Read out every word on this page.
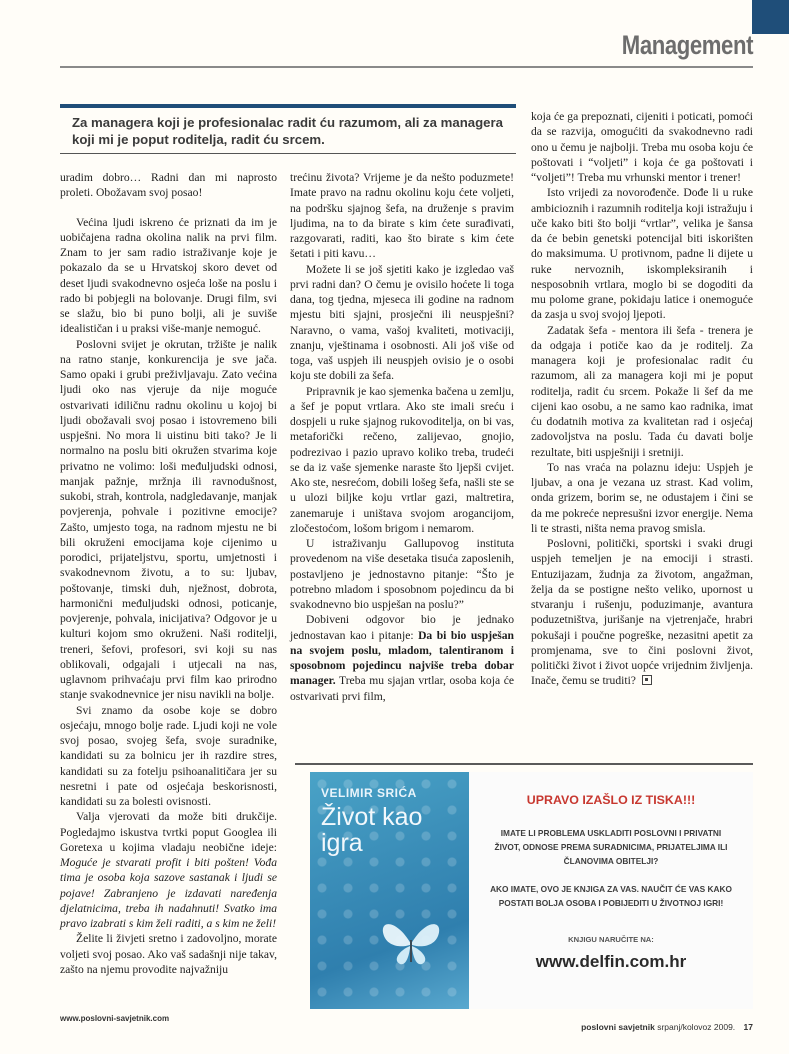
Management
Za managera koji je profesionalac radit ću razumom, ali za managera koji mi je poput roditelja, radit ću srcem.

uradim dobro… Radni dan mi naprosto proleti. Obožavam svoj posao!

Većina ljudi iskreno će priznati da im je uobičajena radna okolina nalik na prvi film. Znam to jer sam radio istraživanje koje je pokazalo da se u Hrvatskoj skoro devet od deset ljudi svakodnevno osjeća loše na poslu i rado bi pobjegli na bolovanje. Drugi film, svi se slažu, bio bi puno bolji, ali je suviše idealističan i u praksi više-manje nemoguć.

Poslovni svijet je okrutan, tržište je nalik na ratno stanje, konkurencija je sve jača. Samo opaki i grubi preživljavaju. Zato većina ljudi oko nas vjeruje da nije moguće ostvarivati idiličnu radnu okolinu u kojoj bi ljudi obožavali svoj posao i istovremeno bili uspješni. No mora li uistinu biti tako? Je li normalno na poslu biti okružen stvarima koje privatno ne volimo: loši međuljudski odnosi, manjak pažnje, mržnja ili ravnodušnost, sukobi, strah, kontrola, nadgledavanje, manjak povjerenja, pohvale i pozitivne emocije? Zašto, umjesto toga, na radnom mjestu ne bi bili okruženi emocijama koje cijenimo u porodici, prijateljstvu, sportu, umjetnosti i svakodnevnom životu, a to su: ljubav, poštovanje, timski duh, nježnost, dobrota, harmonični međuljudski odnosi, poticanje, povjerenje, pohvala, inicijativa? Odgovor je u kulturi kojom smo okruženi. Naši roditelji, treneri, šefovi, profesori, svi koji su nas oblikovali, odgajali i utjecali na nas, uglavnom prihvaćaju prvi film kao prirodno stanje svakodnevnice jer nisu navikli na bolje.

Svi znamo da osobe koje se dobro osjećaju, mnogo bolje rade. Ljudi koji ne vole svoj posao, svojeg šefa, svoje suradnike, kandidati su za bolnicu jer ih razdire stres, kandidati su za fotelju psihoanalitičara jer su nesretni i pate od osjećaja beskorisnosti, kandidati su za bolesti ovisnosti.

Valja vjerovati da može biti drukčije. Pogledajmo iskustva tvrtki poput Googlea ili Goretexa u kojima vladaju neobične ideje: Moguće je stvarati profit i biti pošten! Vođa tima je osoba koja sazove sastanak i ljudi se pojave! Zabranjeno je izdavati naređenja djelatnicima, treba ih nadahnuti! Svatko ima pravo izabrati s kim želi raditi, a s kim ne želi!

Želite li živjeti sretno i zadovoljno, morate voljeti svoj posao. Ako vaš sadašnji nije takav, zašto na njemu provodite najvažniju

trećinu života? Vrijeme je da nešto poduzmete! Imate pravo na radnu okolinu koju ćete voljeti, na podršku sjajnog šefa, na druženje s pravim ljudima, na to da birate s kim ćete surađivati, razgovarati, raditi, kao što birate s kim ćete šetati i piti kavu…

Možete li se još sjetiti kako je izgledao vaš prvi radni dan? O čemu je ovisilo hoćete li toga dana, tog tjedna, mjeseca ili godine na radnom mjestu biti sjajni, prosječni ili neuspješni? Naravno, o vama, vašoj kvaliteti, motivaciji, znanju, vještinama i osobnosti. Ali još više od toga, vaš uspjeh ili neuspjeh ovisio je o osobi koju ste dobili za šefa.

Pripravnik je kao sjemenka bačena u zemlju, a šef je poput vrtlara. Ako ste imali sreću i dospjeli u ruke sjajnog rukovoditelja, on bi vas, metaforički rečeno, zalijevao, gnojio, podrezivao i pazio upravo koliko treba, trudeći se da iz vaše sjemenke naraste što ljepši cvijet. Ako ste, nesrećom, dobili lošeg šefa, našli ste se u ulozi biljke koju vrtlar gazi, maltretira, zanemaruje i uništava svojom arogancijom, zločestoćom, lošom brigom i nemarom.

U istraživanju Gallupovog instituta provedenom na više desetaka tisuća zaposlenih, postavljeno je jednostavno pitanje: “Što je potrebno mladom i sposobnom pojedincu da bi svakodnevno bio uspješan na poslu?”

Dobiveni odgovor bio je jednako jednostavan kao i pitanje: Da bi bio uspješan na svojem poslu, mladom, talentiranom i sposobnom pojedincu najviše treba dobar manager. Treba mu sjajan vrtlar, osoba koja će ostvarivati prvi film,

koja će ga prepoznati, cijeniti i poticati, pomoći da se razvija, omogućiti da svakodnevno radi ono u čemu je najbolji. Treba mu osoba koju će poštovati i “voljeti” i koja će ga poštovati i “voljeti”! Treba mu vrhunski mentor i trener!

Isto vrijedi za novorođenče. Dođe li u ruke ambicioznih i razumnih roditelja koji istražuju i uče kako biti što bolji “vrtlar”, velika je šansa da će bebin genetski potencijal biti iskorišten do maksimuma. U protivnom, padne li dijete u ruke nervoznih, iskompleksiranih i nesposobnih vrtlara, moglo bi se dogoditi da mu polome grane, pokidaju latice i onemoguće da zasja u svoj svojoj ljepoti.

Zadatak šefa - mentora ili šefa - trenera je da odgaja i potiče kao da je roditelj. Za managera koji je profesionalac radit ću razumom, ali za managera koji mi je poput roditelja, radit ću srcem. Pokaže li šef da me cijeni kao osobu, a ne samo kao radnika, imat ću dodatnih motiva za kvalitetan rad i osjećaj zadovoljstva na poslu. Tada ću davati bolje rezultate, biti uspješniji i sretniji.

To nas vraća na polaznu ideju: Uspjeh je ljubav, a ona je vezana uz strast. Kad volim, onda grizem, borim se, ne odustajem i čini se da me pokreće nepresušni izvor energije. Nema li te strasti, ništa nema pravog smisla.

Poslovni, politički, sportski i svaki drugi uspjeh temeljen je na emociji i strasti. Entuzijazam, žudnja za životom, angažman, želja da se postigne nešto veliko, upornost u stvaranju i rušenju, poduzimanje, avantura poduzetništva, jurišanje na vjetrenjače, hrabri pokušaji i poučne pogreške, nezasitni apetit za promjenama, sve to čini poslovni život, politički život i život uopće vrijednim življenja. Inače, čemu se truditi?

VELIMIR SRIĆA
Život kao igra
UPRAVO IZAŠLO IZ TISKA!!!
IMATE LI PROBLEMA USKLADITI POSLOVNI I PRIVATNI ŽIVOT, ODNOSE PREMA SURADNICIMA, PRIJATELJIMA ILI ČLANOVIMA OBITELJI?
AKO IMATE, OVO JE KNJIGA ZA VAS. NAUČIT ĆE VAS KAKO POSTATI BOLJA OSOBA I POBIJEDITI U ŽIVOTNOJ IGRI!
KNJIGU NARUČITE NA:
www.delfin.com.hr
www.poslovni-savjetnik.com
poslovni savjetnik srpanj/kolovoz 2009. 17
